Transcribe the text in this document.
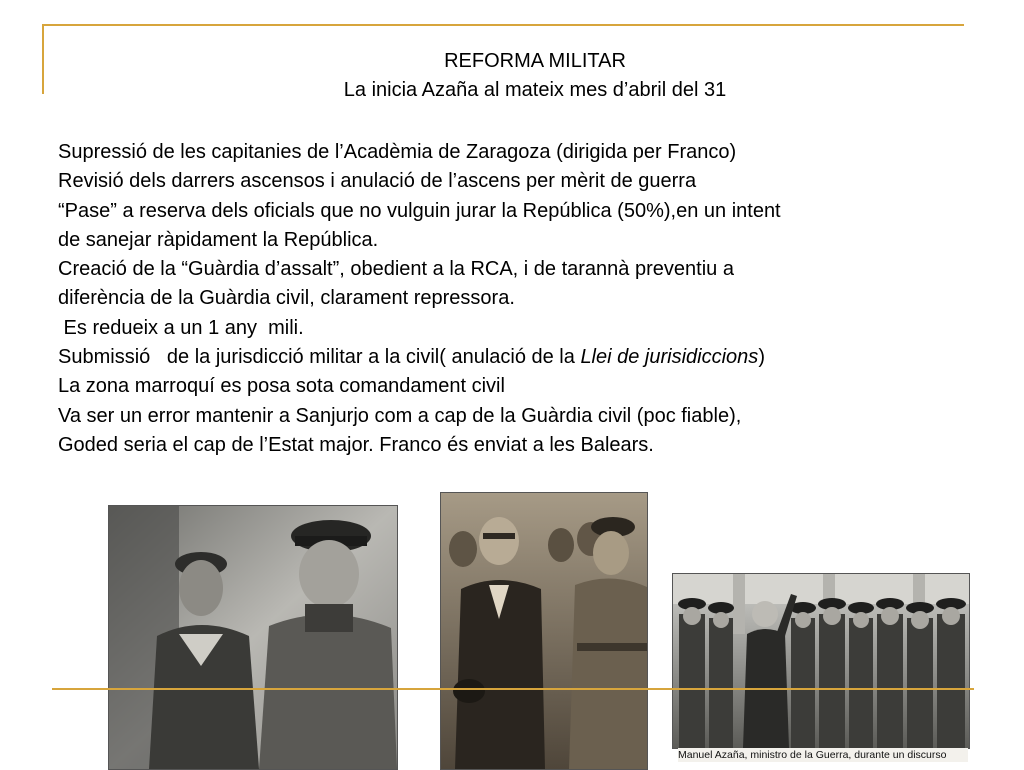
REFORMA MILITAR
La inicia Azaña al mateix mes d’abril del 31
Supressió de les capitanies de l’Acadèmia de Zaragoza (dirigida per Franco)
Revisió dels darrers ascensos i anulació de l’ascens per mèrit de guerra
“Pase” a reserva dels oficials que no vulguin jurar la República (50%),en un intent
de sanejar ràpidament la República.
Creació de la “Guàrdia d’assalt”, obedient a la RCA, i de tarannà preventiu a
diferència de la Guàrdia civil, clarament repressora.
Es redueix a un 1 any  mili.
Submissió   de la jurisdicció militar a la civil( anulació de la Llei de jurisidiccions)
La zona marroquí es posa sota comandament civil
Va ser un error mantenir a Sanjurjo com a cap de la Guàrdia civil (poc fiable),
Goded seria el cap de l’Estat major. Franco és enviat a les Balears.
Manuel Azaña, ministro de la Guerra, durante un discurso
